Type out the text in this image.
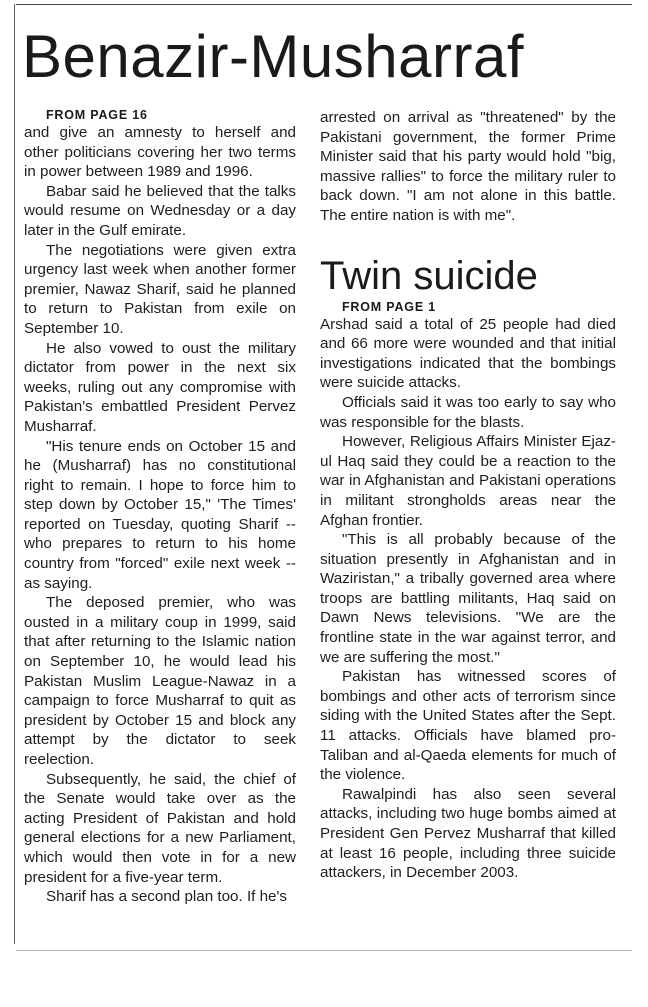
Benazir-Musharraf

FROM PAGE 16

and give an amnesty to herself and other politicians covering her two terms in power between 1989 and 1996.

Babar said he believed that the talks would resume on Wednesday or a day later in the Gulf emirate.

The negotiations were given extra urgency last week when another former premier, Nawaz Sharif, said he planned to return to Pakistan from exile on September 10.

He also vowed to oust the military dictator from power in the next six weeks, ruling out any compromise with Pakistan's embattled President Pervez Musharraf.

"His tenure ends on October 15 and he (Musharraf) has no constitutional right to remain. I hope to force him to step down by October 15," 'The Times' reported on Tuesday, quoting Sharif -- who prepares to return to his home country from "forced" exile next week -- as saying.

The deposed premier, who was ousted in a military coup in 1999, said that after returning to the Islamic nation on September 10, he would lead his Pakistan Muslim League-Nawaz in a campaign to force Musharraf to quit as president by October 15 and block any attempt by the dictator to seek reelection.

Subsequently, he said, the chief of the Senate would take over as the acting President of Pakistan and hold general elections for a new Parliament, which would then vote in for a new president for a five-year term.

Sharif has a second plan too. If he's

arrested on arrival as "threatened" by the Pakistani government, the former Prime Minister said that his party would hold "big, massive rallies" to force the military ruler to back down. "I am not alone in this battle. The entire nation is with me".

Twin suicide

FROM PAGE 1

Arshad said a total of 25 people had died and 66 more were wounded and that initial investigations indicated that the bombings were suicide attacks.

Officials said it was too early to say who was responsible for the blasts.

However, Religious Affairs Minister Ejaz-ul Haq said they could be a reaction to the war in Afghanistan and Pakistani operations in militant strongholds areas near the Afghan frontier.

"This is all probably because of the situation presently in Afghanistan and in Waziristan," a tribally governed area where troops are battling militants, Haq said on Dawn News televisions. "We are the frontline state in the war against terror, and we are suffering the most."

Pakistan has witnessed scores of bombings and other acts of terrorism since siding with the United States after the Sept. 11 attacks. Officials have blamed pro-Taliban and al-Qaeda elements for much of the violence.

Rawalpindi has also seen several attacks, including two huge bombs aimed at President Gen Pervez Musharraf that killed at least 16 people, including three suicide attackers, in December 2003.
